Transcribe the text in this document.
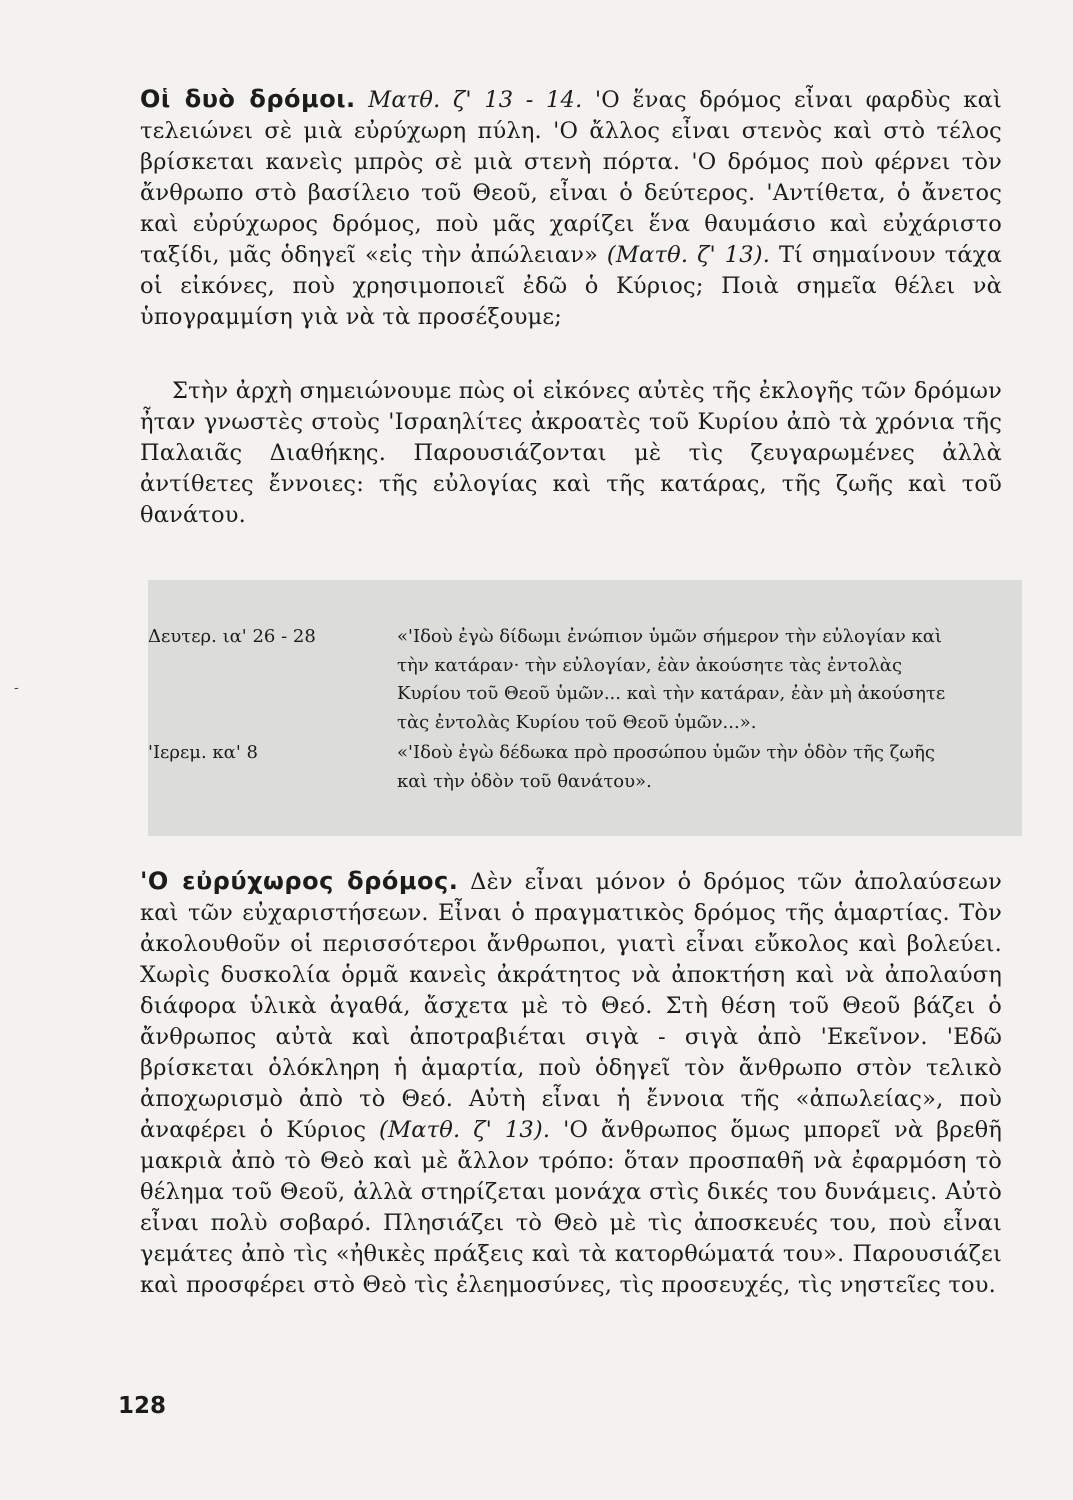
Οἱ δυὸ δρόμοι. Ματθ. ζ' 13 - 14. 'Ο ἕνας δρόμος εἶναι φαρδὺς καὶ τελειώνει σὲ μιὰ εὐρύχωρη πύλη. 'Ο ἄλλος εἶναι στενὸς καὶ στὸ τέλος βρίσκεται κανεὶς μπρὸς σὲ μιὰ στενὴ πόρτα. 'Ο δρόμος ποὺ φέρνει τὸν ἄνθρωπο στὸ βασίλειο τοῦ Θεοῦ, εἶναι ὁ δεύτερος. 'Αντίθετα, ὁ ἄνετος καὶ εὐρύχωρος δρόμος, ποὺ μᾶς χαρίζει ἕνα θαυμάσιο καὶ εὐχάριστο ταξίδι, μᾶς ὁδηγεῖ «εἰς τὴν ἀπώλειαν» (Ματθ. ζ' 13). Τί σημαίνουν τάχα οἱ εἰκόνες, ποὺ χρησιμοποιεῖ ἐδῶ ὁ Κύριος; Ποιὰ σημεῖα θέλει νὰ ὑπογραμμίση γιὰ νὰ τὰ προσέξουμε;
Στὴν ἀρχὴ σημειώνουμε πὼς οἱ εἰκόνες αὐτὲς τῆς ἐκλογῆς τῶν δρόμων ἦταν γνωστὲς στοὺς 'Ισραηλίτες ἀκροατὲς τοῦ Κυρίου ἀπὸ τὰ χρόνια τῆς Παλαιᾶς Διαθήκης. Παρουσιάζονται μὲ τὶς ζευγαρωμένες ἀλλὰ ἀντίθετες ἔννοιες: τῆς εὐλογίας καὶ τῆς κατάρας, τῆς ζωῆς καὶ τοῦ θανάτου.
Δευτερ. ια' 26 - 28	«'Ιδοὺ ἐγὼ δίδωμι ἐνώπιον ὑμῶν σήμερον τὴν εὐλογίαν καὶ τὴν κατάραν· τὴν εὐλογίαν, ἐὰν ἀκούσητε τὰς ἐντολὰς Κυρίου τοῦ Θεοῦ ὑμῶν... καὶ τὴν κατάραν, ἐὰν μὴ ἀκούσητε τὰς ἐντολὰς Κυρίου τοῦ Θεοῦ ὑμῶν...».
'Ιερεμ. κα' 8	«'Ιδοὺ ἐγὼ δέδωκα πρὸ προσώπου ὑμῶν τὴν ὁδὸν τῆς ζωῆς καὶ τὴν ὁδὸν τοῦ θανάτου».
'Ο εὐρύχωρος δρόμος. Δὲν εἶναι μόνον ὁ δρόμος τῶν ἀπολαύσεων καὶ τῶν εὐχαριστήσεων. Εἶναι ὁ πραγματικὸς δρόμος τῆς ἁμαρτίας. Τὸν ἀκολουθοῦν οἱ περισσότεροι ἄνθρωποι, γιατὶ εἶναι εὔκολος καὶ βολεύει. Χωρὶς δυσκολία ὁρμᾶ κανεὶς ἀκράτητος νὰ ἀποκτήση καὶ νὰ ἀπολαύση διάφορα ὑλικὰ ἀγαθά, ἄσχετα μὲ τὸ Θεό. Στὴ θέση τοῦ Θεοῦ βάζει ὁ ἄνθρωπος αὐτὰ καὶ ἀποτραβιέται σιγὰ - σιγὰ ἀπὸ 'Εκεῖνον. 'Εδῶ βρίσκεται ὁλόκληρη ἡ ἁμαρτία, ποὺ ὁδηγεῖ τὸν ἄνθρωπο στὸν τελικὸ ἀποχωρισμὸ ἀπὸ τὸ Θεό. Αὐτὴ εἶναι ἡ ἔννοια τῆς «ἀπωλείας», ποὺ ἀναφέρει ὁ Κύριος (Ματθ. ζ' 13). 'Ο ἄνθρωπος ὅμως μπορεῖ νὰ βρεθῆ μακριὰ ἀπὸ τὸ Θεὸ καὶ μὲ ἄλλον τρόπο: ὅταν προσπαθῆ νὰ ἐφαρμόση τὸ θέλημα τοῦ Θεοῦ, ἀλλὰ στηρίζεται μονάχα στὶς δικές του δυνάμεις. Αὐτὸ εἶναι πολὺ σοβαρό. Πλησιάζει τὸ Θεὸ μὲ τὶς ἀποσκευές του, ποὺ εἶναι γεμάτες ἀπὸ τὶς «ἠθικὲς πράξεις καὶ τὰ κατορθώματά του». Παρουσιάζει καὶ προσφέρει στὸ Θεὸ τὶς ἐλεημοσύνες, τὶς προσευχές, τὶς νηστεῖες του.
-
128
